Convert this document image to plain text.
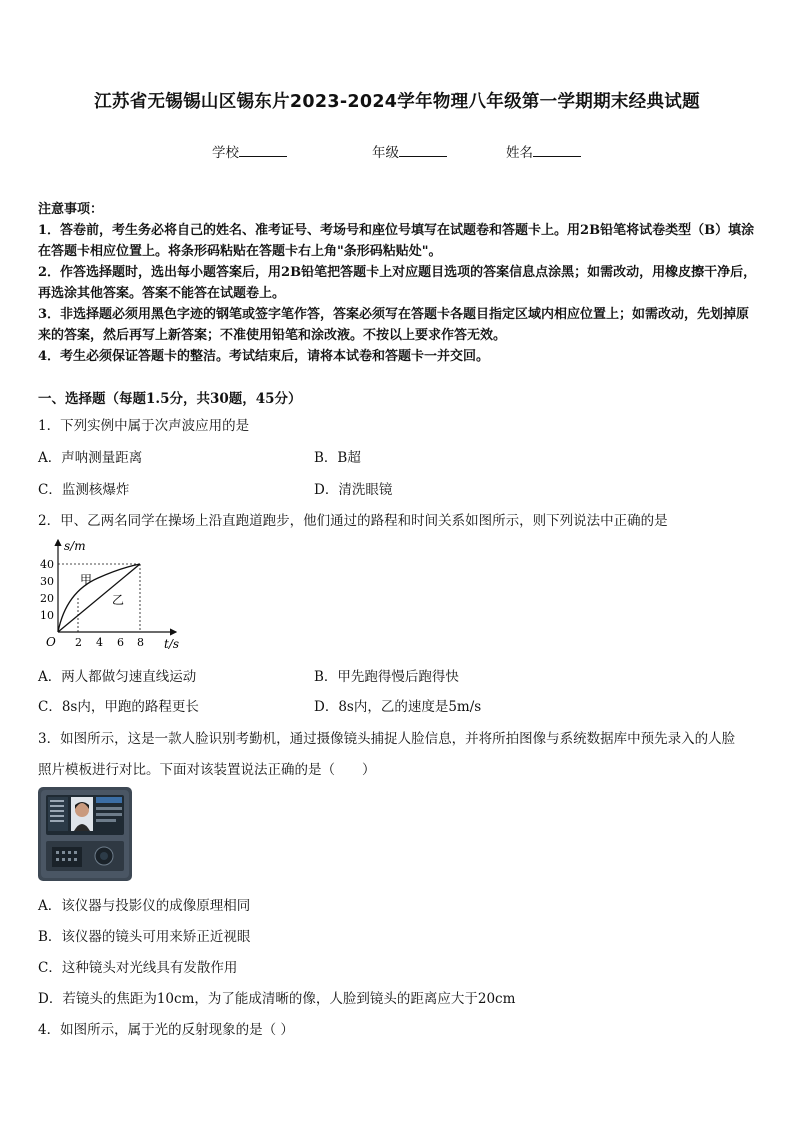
江苏省无锡锡山区锡东片2023-2024学年物理八年级第一学期期末经典试题
学校	年级	姓名

注意事项：

1．答卷前，考生务必将自己的姓名、准考证号、考场号和座位号填写在试题卷和答题卡上。用2B铅笔将试卷类型（B）填涂在答题卡相应位置上。将条形码粘贴在答题卡右上角"条形码粘贴处"。

2．作答选择题时，选出每小题答案后，用2B铅笔把答题卡上对应题目选项的答案信息点涂黑；如需改动，用橡皮擦干净后，再选涂其他答案。答案不能答在试题卷上。

3．非选择题必须用黑色字迹的钢笔或签字笔作答，答案必须写在答题卡各题目指定区域内相应位置上；如需改动，先划掉原来的答案，然后再写上新答案；不准使用铅笔和涂改液。不按以上要求作答无效。

4．考生必须保证答题卡的整洁。考试结束后，请将本试卷和答题卡一并交回。

一、选择题（每题1.5分，共30题，45分）
1．下列实例中属于次声波应用的是
A．声呐测量距离	B．B超
C．监测核爆炸	D．清洗眼镜
2．甲、乙两名同学在操场上沿直跑道跑步，他们通过的路程和时间关系如图所示，则下列说法中正确的是
s/m
t/s
O
10
20
30
40
2 4 6 8
甲
乙
A．两人都做匀速直线运动	B．甲先跑得慢后跑得快
C．8s内，甲跑的路程更长	D．8s内，乙的速度是5m/s
3．如图所示，这是一款人脸识别考勤机，通过摄像镜头捕捉人脸信息，并将所拍图像与系统数据库中预先录入的人脸
照片模板进行对比。下面对该装置说法正确的是（　　）
A．该仪器与投影仪的成像原理相同
B．该仪器的镜头可用来矫正近视眼
C．这种镜头对光线具有发散作用
D．若镜头的焦距为10cm，为了能成清晰的像，人脸到镜头的距离应大于20cm
4．如图所示，属于光的反射现象的是（ ）
